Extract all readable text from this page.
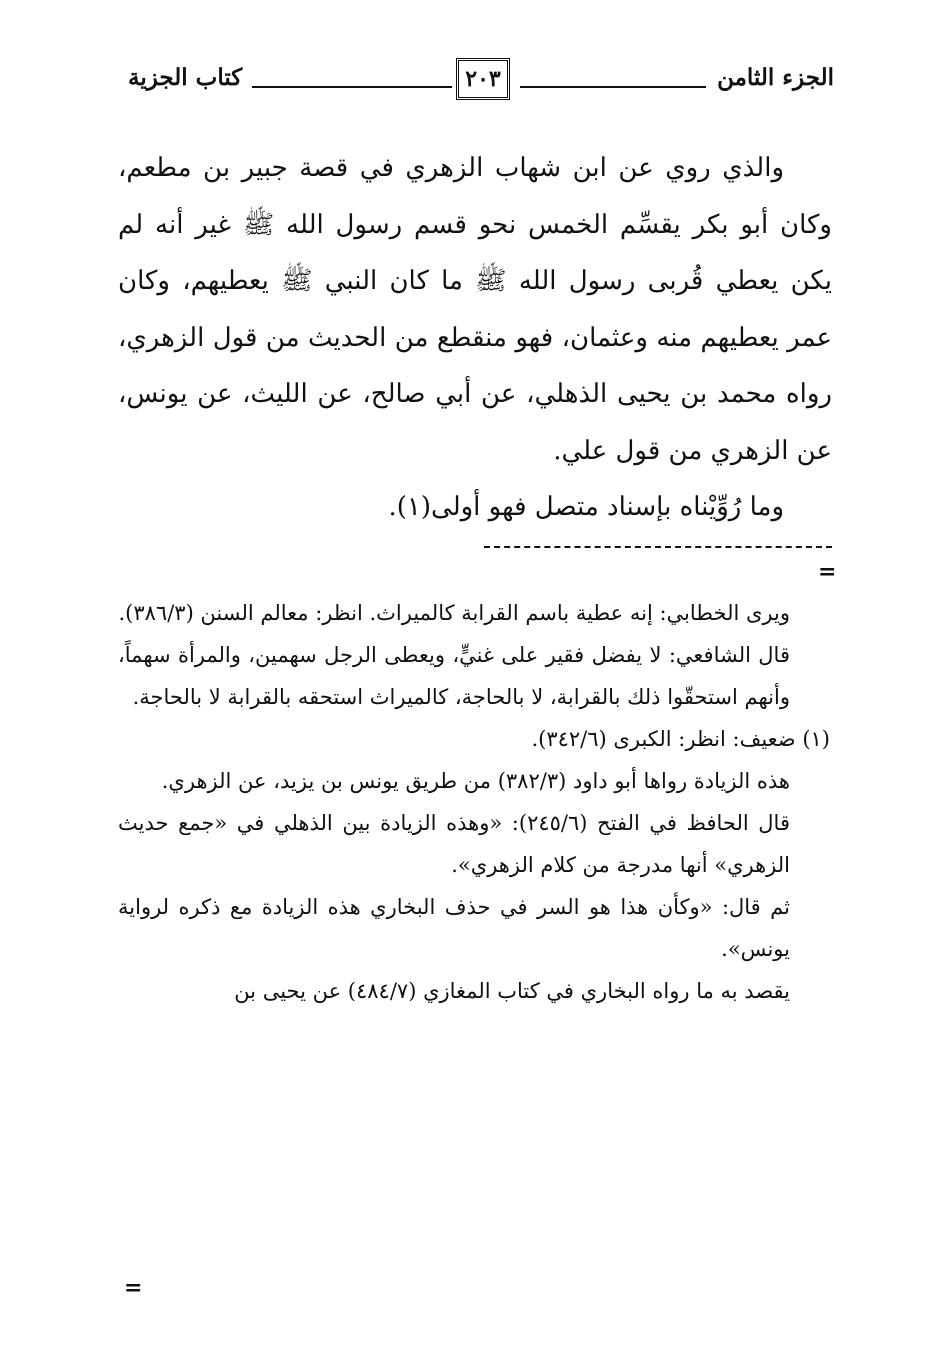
الجزء الثامن
٢٠٣
كتاب الجزية

والذي روي عن ابن شهاب الزهري في قصة جبير بن مطعم، وكان أبو بكر يقسِّم الخمس نحو قسم رسول الله ﷺ غير أنه لم يكن يعطي قُربى رسول الله ﷺ ما كان النبي ﷺ يعطيهم، وكان عمر يعطيهم منه وعثمان، فهو منقطع من الحديث من قول الزهري، رواه محمد بن يحيى الذهلي، عن أبي صالح، عن الليث، عن يونس، عن الزهري من قول علي.

وما رُوِّيْناه بإسناد متصل فهو أولى(١).

=

ويرى الخطابي: إنه عطية باسم القرابة كالميراث. انظر: معالم السنن (٣٨٦/٣).

قال الشافعي: لا يفضل فقير على غنيٍّ، ويعطى الرجل سهمين، والمرأة سهماً، وأنهم استحقّوا ذلك بالقرابة، لا بالحاجة، كالميراث استحقه بالقرابة لا بالحاجة.

(١) ضعيف: انظر: الكبرى (٣٤٢/٦).

هذه الزيادة رواها أبو داود (٣٨٢/٣) من طريق يونس بن يزيد، عن الزهري.

قال الحافظ في الفتح (٢٤٥/٦): «وهذه الزيادة بين الذهلي في «جمع حديث الزهري» أنها مدرجة من كلام الزهري».

ثم قال: «وكأن هذا هو السر في حذف البخاري هذه الزيادة مع ذكره لرواية يونس».

يقصد به ما رواه البخاري في كتاب المغازي (٤٨٤/٧) عن يحيى بن

=
